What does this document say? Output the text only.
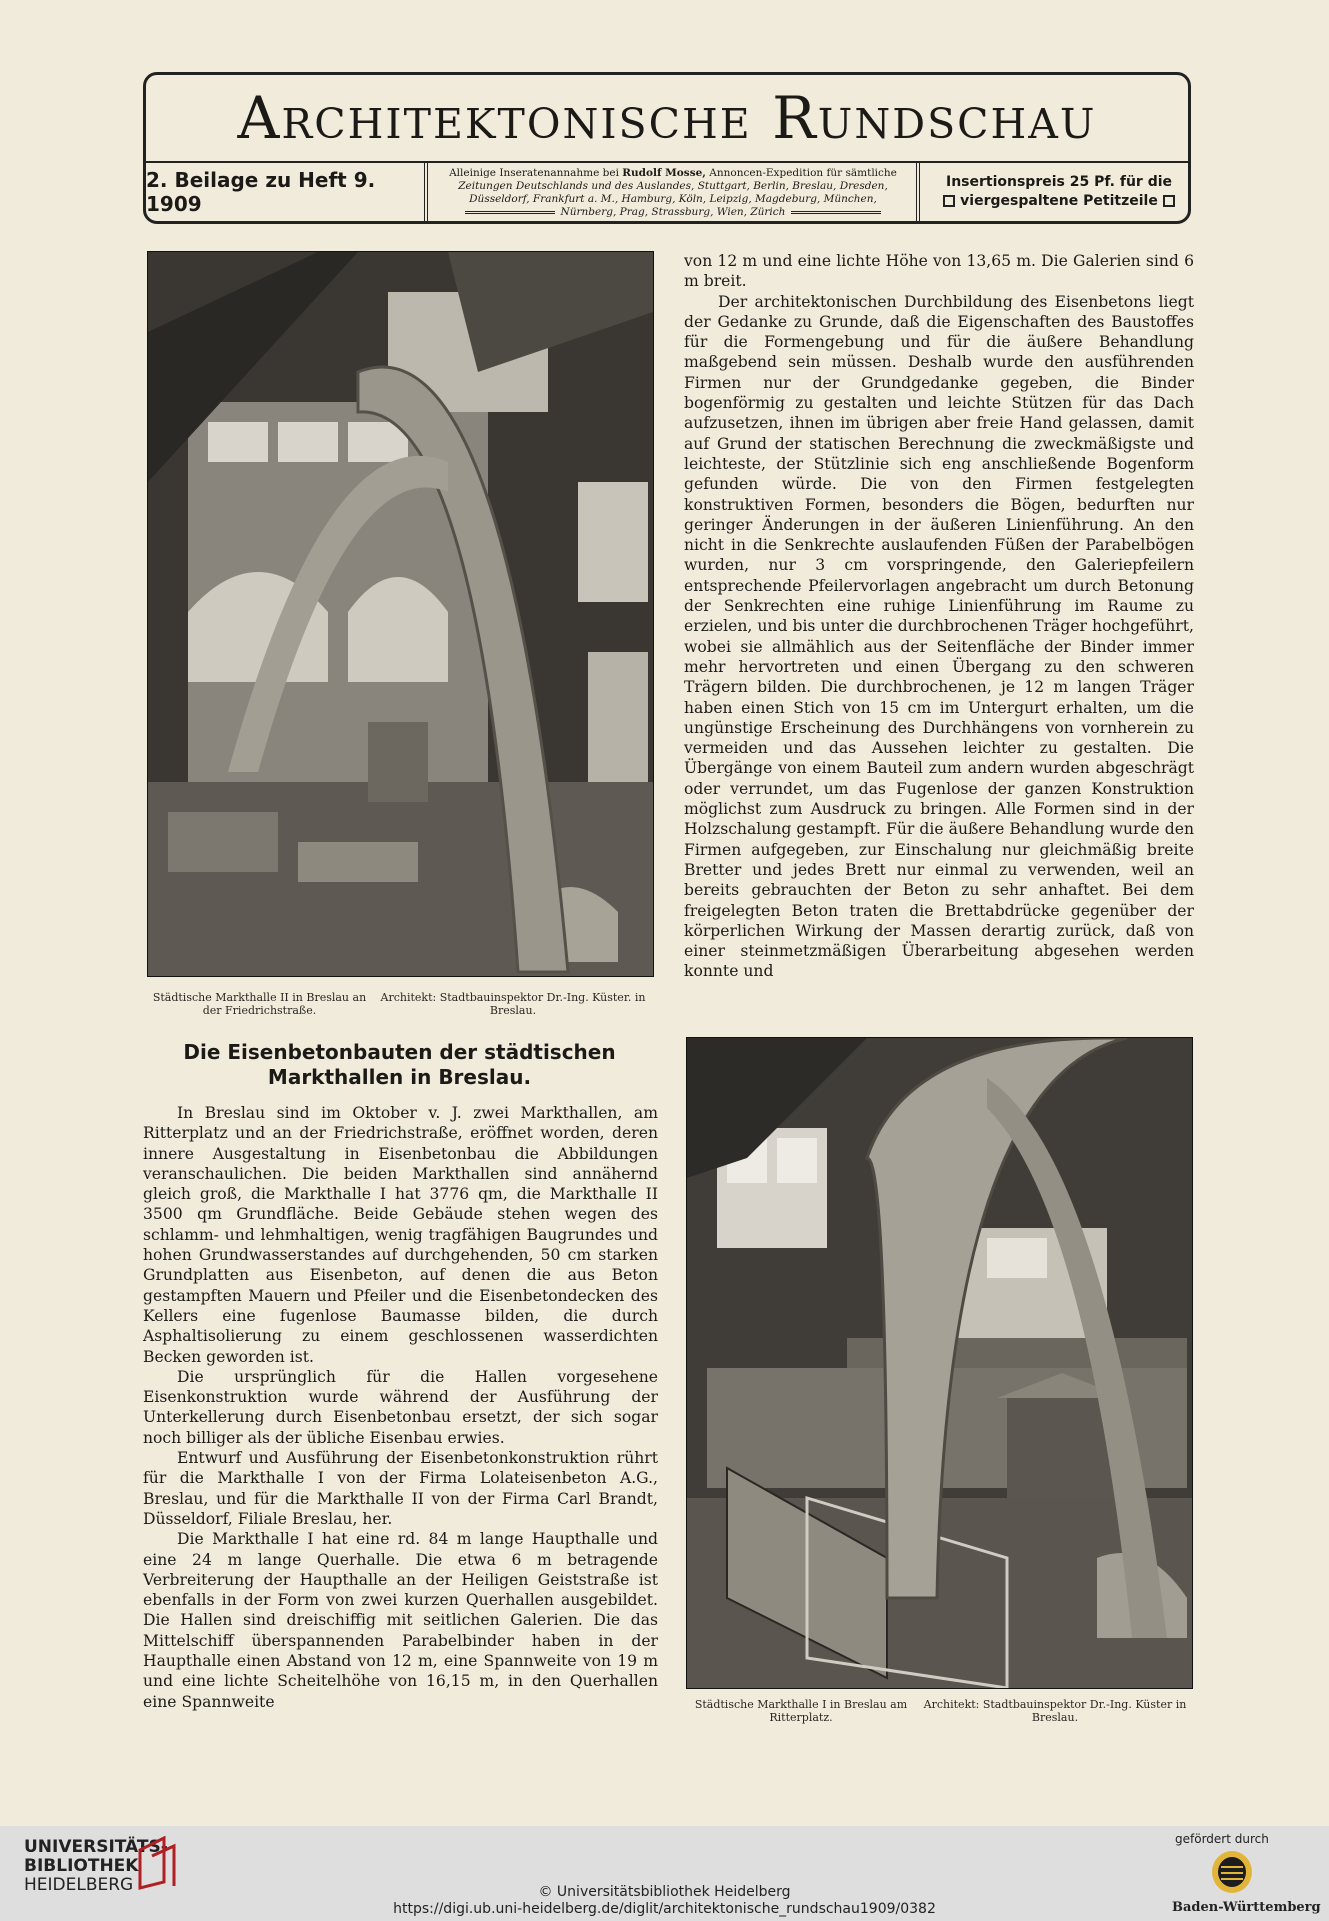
Architektonische Rundschau
2. Beilage zu Heft 9. 1909
Alleinige Inseratenannahme bei Rudolf Mosse, Annoncen-Expedition für sämtliche
Zeitungen Deutschlands und des Auslandes, Stuttgart, Berlin, Breslau, Dresden,
Düsseldorf, Frankfurt a. M., Hamburg, Köln, Leipzig, Magdeburg, München,
Nürnberg, Prag, Strassburg, Wien, Zürich
Insertionspreis 25 Pf. für die
viergespaltene Petitzeile
Städtische Markthalle II in Breslau an der Friedrichstraße.
Architekt: Stadtbauinspektor Dr.-Ing. Küster. in Breslau.
Die Eisenbetonbauten der städtischen Markthallen in Breslau.

In Breslau sind im Oktober v. J. zwei Markthallen, am Ritterplatz und an der Friedrichstraße, eröffnet worden, deren innere Ausgestaltung in Eisenbetonbau die Abbildungen veranschaulichen. Die beiden Markthallen sind annähernd gleich groß, die Markthalle I hat 3776 qm, die Markthalle II 3500 qm Grundfläche. Beide Gebäude stehen wegen des schlamm- und lehmhaltigen, wenig tragfähigen Baugrundes und hohen Grundwasserstandes auf durchgehenden, 50 cm starken Grundplatten aus Eisenbeton, auf denen die aus Beton gestampften Mauern und Pfeiler und die Eisenbetondecken des Kellers eine fugenlose Baumasse bilden, die durch Asphaltisolierung zu einem geschlossenen wasserdichten Becken geworden ist.

Die ursprünglich für die Hallen vorgesehene Eisenkonstruktion wurde während der Ausführung der Unterkellerung durch Eisenbetonbau ersetzt, der sich sogar noch billiger als der übliche Eisenbau erwies.

Entwurf und Ausführung der Eisenbetonkonstruktion rührt für die Markthalle I von der Firma Lolateisenbeton A.G., Breslau, und für die Markthalle II von der Firma Carl Brandt, Düsseldorf, Filiale Breslau, her.

Die Markthalle I hat eine rd. 84 m lange Haupthalle und eine 24 m lange Querhalle. Die etwa 6 m betragende Verbreiterung der Haupthalle an der Heiligen Geiststraße ist ebenfalls in der Form von zwei kurzen Querhallen ausgebildet. Die Hallen sind dreischiffig mit seitlichen Galerien. Die das Mittelschiff überspannenden Parabelbinder haben in der Haupthalle einen Abstand von 12 m, eine Spannweite von 19 m und eine lichte Scheitelhöhe von 16,15 m, in den Querhallen eine Spannweite

von 12 m und eine lichte Höhe von 13,65 m. Die Galerien sind 6 m breit.

Der architektonischen Durchbildung des Eisenbetons liegt der Gedanke zu Grunde, daß die Eigenschaften des Baustoffes für die Formengebung und für die äußere Behandlung maßgebend sein müssen. Deshalb wurde den ausführenden Firmen nur der Grundgedanke gegeben, die Binder bogenförmig zu gestalten und leichte Stützen für das Dach aufzusetzen, ihnen im übrigen aber freie Hand gelassen, damit auf Grund der statischen Berechnung die zweckmäßigste und leichteste, der Stützlinie sich eng anschließende Bogenform gefunden würde. Die von den Firmen festgelegten konstruktiven Formen, besonders die Bögen, bedurften nur geringer Änderungen in der äußeren Linienführung. An den nicht in die Senkrechte auslaufenden Füßen der Parabelbögen wurden, nur 3 cm vorspringende, den Galeriepfeilern entsprechende Pfeilervorlagen angebracht um durch Betonung der Senkrechten eine ruhige Linienführung im Raume zu erzielen, und bis unter die durchbrochenen Träger hochgeführt, wobei sie allmählich aus der Seitenfläche der Binder immer mehr hervortreten und einen Übergang zu den schweren Trägern bilden. Die durchbrochenen, je 12 m langen Träger haben einen Stich von 15 cm im Untergurt erhalten, um die ungünstige Erscheinung des Durchhängens von vornherein zu vermeiden und das Aussehen leichter zu gestalten. Die Übergänge von einem Bauteil zum andern wurden abgeschrägt oder verrundet, um das Fugenlose der ganzen Konstruktion möglichst zum Ausdruck zu bringen. Alle Formen sind in der Holzschalung gestampft. Für die äußere Behandlung wurde den Firmen aufgegeben, zur Einschalung nur gleichmäßig breite Bretter und jedes Brett nur einmal zu verwenden, weil an bereits gebrauchten der Beton zu sehr anhaftet. Bei dem freigelegten Beton traten die Brettabdrücke gegenüber der körperlichen Wirkung der Massen derartig zurück, daß von einer steinmetzmäßigen Überarbeitung abgesehen werden konnte und

Städtische Markthalle I in Breslau am Ritterplatz.
Architekt: Stadtbauinspektor Dr.-Ing. Küster in Breslau.
UNIVERSITÄTS-
BIBLIOTHEK
HEIDELBERG	© Universitätsbibliothek Heidelberg
https://digi.ub.uni-heidelberg.de/diglit/architektonische_rundschau1909/0382
gefördert durch
Baden-Württemberg
